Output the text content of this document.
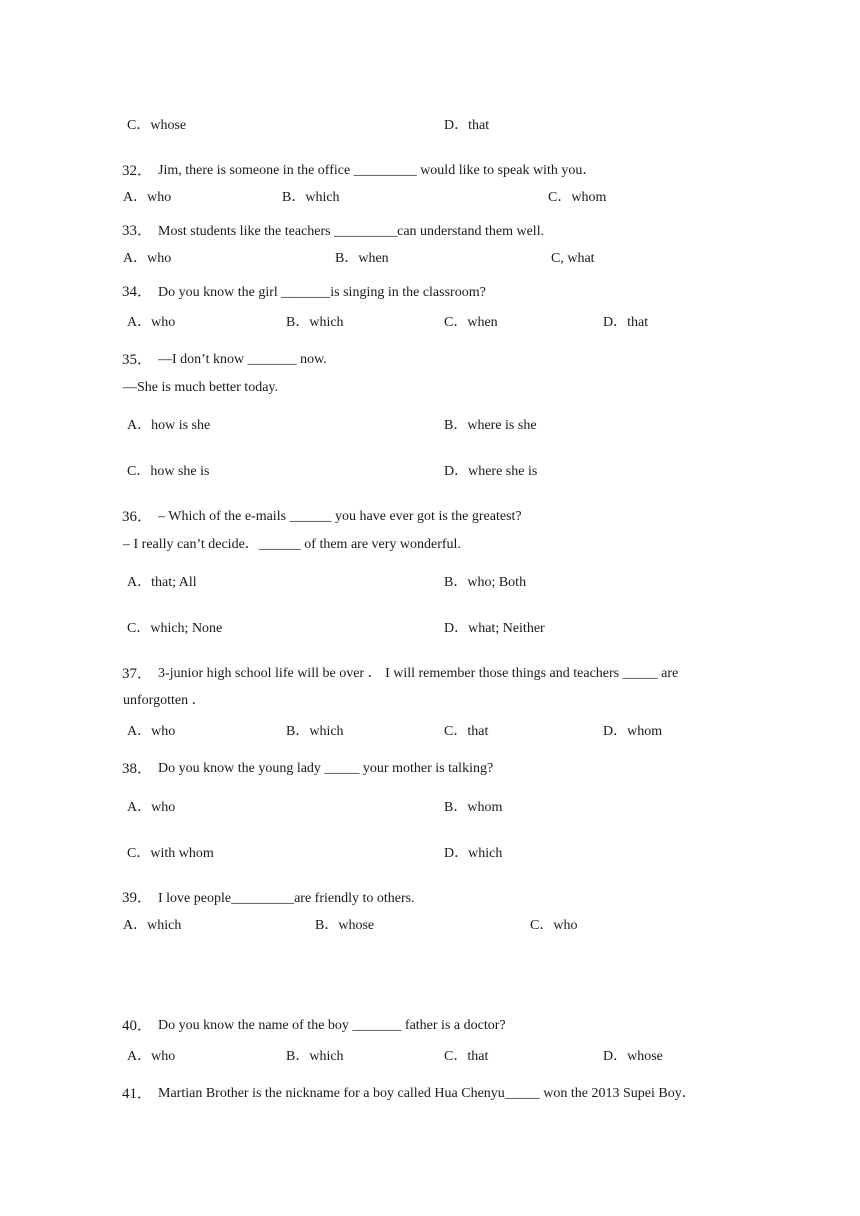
C．whose	D．that
32． Jim, there is someone in the office _________ would like to speak with you．
A．who	B．which	C．whom
33． Most students like the teachers _________can understand them well.
A．who	B．when	C, what
34． Do you know the girl _______is singing in the classroom?
A．who	B．which	C．when	D．that
35． —I don’t know _______ now.
—She is much better today.
A．how is she	B．where is she
C．how she is	D．where she is
36． – Which of the e-mails ______ you have ever got is the greatest?
– I really can’t decide．______ of them are very wonderful.
A．that; All	B．who; Both
C．which; None	D．what; Neither
37． 3-junior high school life will be over ． I will remember those things and teachers _____ are
unforgotten ．
A．who	B．which	C．that	D．whom
38． Do you know the young lady _____ your mother is talking?
A．who	B．whom
C．with whom	D．which
39． I love people_________are friendly to others.
A．which	B．whose	C．who
40． Do you know the name of the boy _______ father is a doctor?
A．who	B．which	C．that	D．whose
41． Martian Brother is the nickname for a boy called Hua Chenyu_____ won the 2013 Supei Boy．
